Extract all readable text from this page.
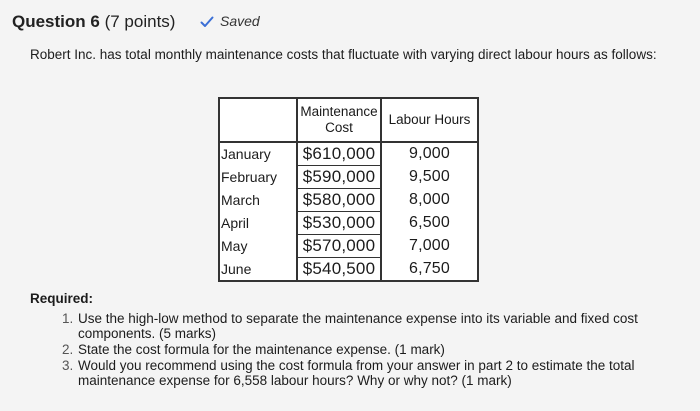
Question 6 (7 points)	Saved
Robert Inc. has total monthly maintenance costs that fluctuate with varying direct labour hours as follows:
	Maintenance Cost	Labour Hours
January	$610,000	9,000
February	$590,000	9,500
March	$580,000	8,000
April	$530,000	6,500
May	$570,000	7,000
June	$540,500	6,750
Required:
1. Use the high-low method to separate the maintenance expense into its variable and fixed cost components. (5 marks)
2. State the cost formula for the maintenance expense. (1 mark)
3. Would you recommend using the cost formula from your answer in part 2 to estimate the total maintenance expense for 6,558 labour hours? Why or why not? (1 mark)
